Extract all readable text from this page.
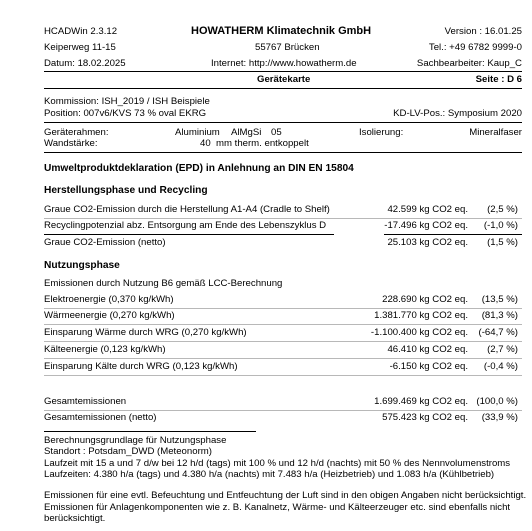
HCADWin 2.3.12	HOWATHERM Klimatechnik GmbH	Version : 16.01.25
Keiperweg 11-15	55767 Brücken	Tel.: +49 6782 9999-0
Datum: 18.02.2025	Internet: http://www.howatherm.de	Sachbearbeiter: Kaup_C
Gerätekarte	Seite : D 6
Kommission: ISH_2019 / ISH Beispiele
Position: 007v6/KVS 73 % oval EKRG	KD-LV-Pos.: Symposium 2020
Geräterahmen:	Aluminium AlMgSi 05	Isolierung:	Mineralfaser
Wandstärke:	40 mm therm. entkoppelt
Umweltproduktdeklaration (EPD) in Anlehnung an DIN EN 15804
Herstellungsphase und Recycling
Graue CO2-Emission durch die Herstellung A1-A4 (Cradle to Shelf)	42.599 kg CO2 eq. (2,5 %)
Recyclingpotenzial abz. Entsorgung am Ende des Lebenszyklus D	-17.496 kg CO2 eq. (-1,0 %)
Graue CO2-Emission (netto)	25.103 kg CO2 eq. (1,5 %)
Nutzungsphase
Emissionen durch Nutzung B6 gemäß LCC-Berechnung
Elektroenergie (0,370 kg/kWh)	228.690 kg CO2 eq. (13,5 %)
Wärmeenergie (0,270 kg/kWh)	1.381.770 kg CO2 eq. (81,3 %)
Einsparung Wärme durch WRG (0,270 kg/kWh)	-1.100.400 kg CO2 eq. (-64,7 %)
Kälteenergie (0,123 kg/kWh)	46.410 kg CO2 eq. (2,7 %)
Einsparung Kälte durch WRG (0,123 kg/kWh)	-6.150 kg CO2 eq. (-0,4 %)
Gesamtemissionen	1.699.469 kg CO2 eq. (100,0 %)
Gesamtemissionen (netto)	575.423 kg CO2 eq. (33,9 %)
Berechnungsgrundlage für Nutzungsphase
Standort : Potsdam_DWD (Meteonorm)
Laufzeit mit 15 a und 7 d/w bei 12 h/d (tags) mit 100 % und 12 h/d (nachts) mit 50 % des Nennvolumenstroms
Laufzeiten: 4.380 h/a (tags) und 4.380 h/a (nachts) mit 7.483 h/a (Heizbetrieb) und 1.083 h/a (Kühlbetrieb)
Emissionen für eine evtl. Befeuchtung und Entfeuchtung der Luft sind in den obigen Angaben nicht berücksichtigt.
Emissionen für Anlagenkomponenten wie z. B. Kanalnetz, Wärme- und Kälteerzeuger etc. sind ebenfalls nicht
berücksichtigt.
